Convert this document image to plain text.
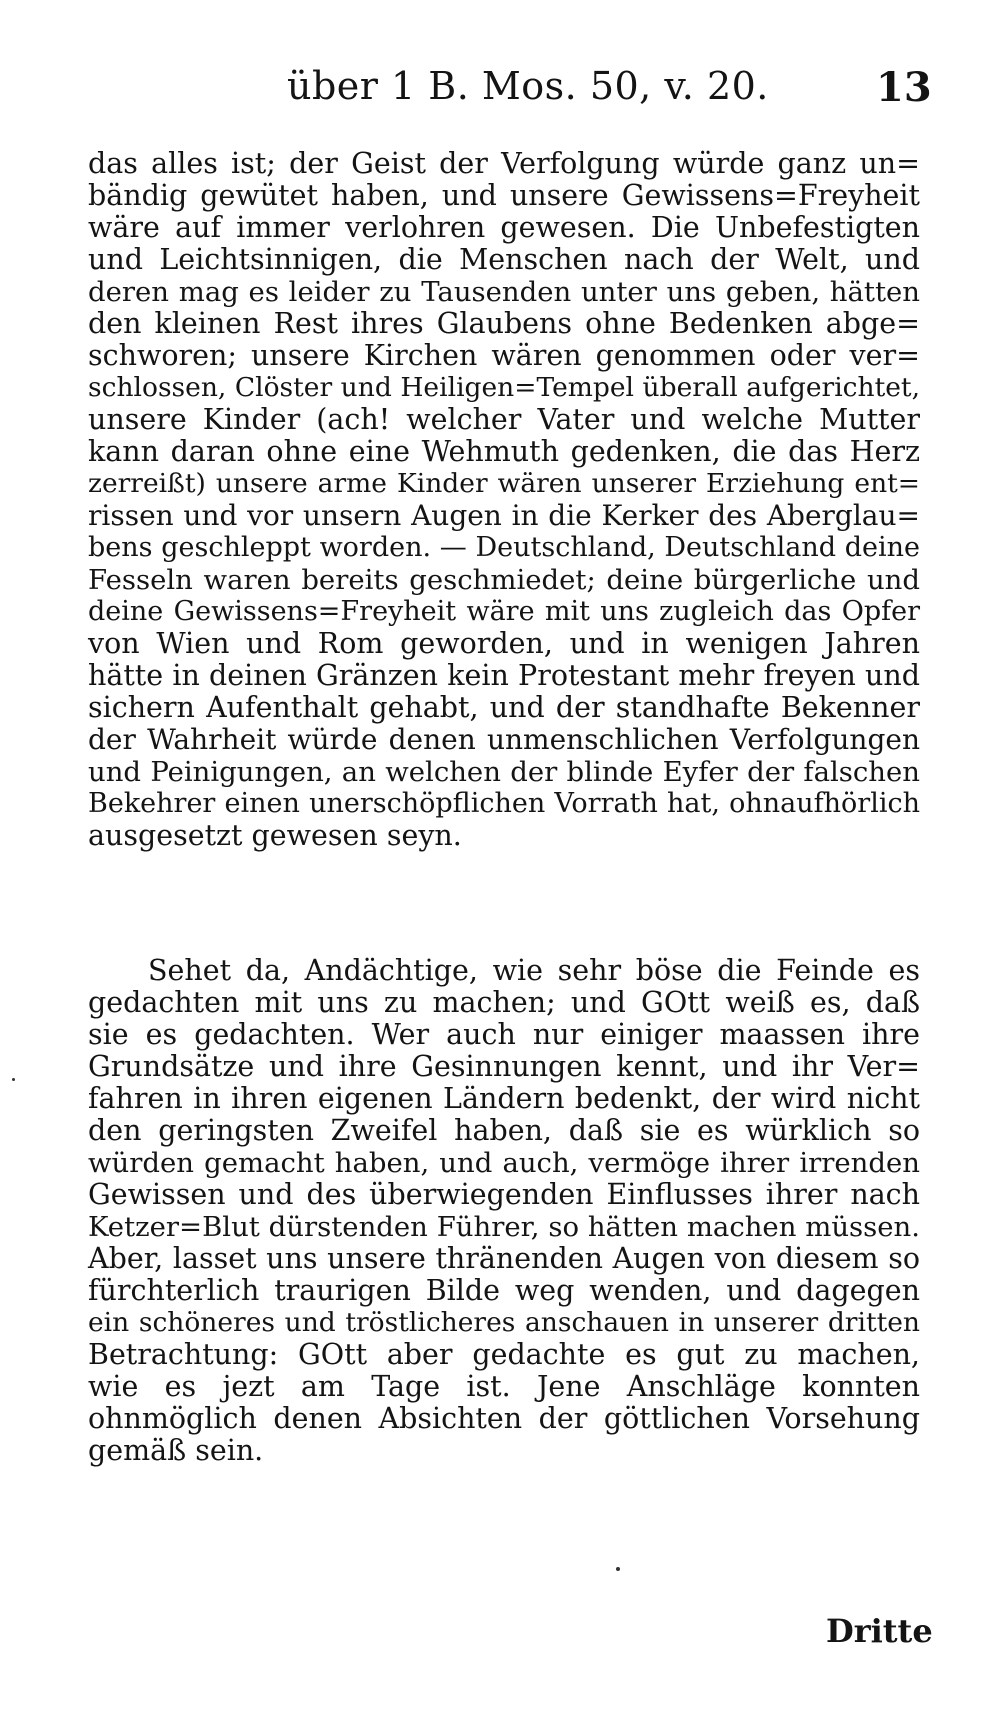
über 1 B. Mos. 50, v. 20.	13
das alles ist; der Geist der Verfolgung würde ganz un=
bändig gewütet haben, und unsere Gewissens=Freyheit
wäre auf immer verlohren gewesen. Die Unbefestigten
und Leichtsinnigen, die Menschen nach der Welt, und
deren mag es leider zu Tausenden unter uns geben, hätten
den kleinen Rest ihres Glaubens ohne Bedenken abge=
schworen; unsere Kirchen wären genommen oder ver=
schlossen, Clöster und Heiligen=Tempel überall aufgerichtet,
unsere Kinder (ach! welcher Vater und welche Mutter
kann daran ohne eine Wehmuth gedenken, die das Herz
zerreißt) unsere arme Kinder wären unserer Erziehung ent=
rissen und vor unsern Augen in die Kerker des Aberglau=
bens geschleppt worden. — Deutschland, Deutschland deine
Fesseln waren bereits geschmiedet; deine bürgerliche und
deine Gewissens=Freyheit wäre mit uns zugleich das Opfer
von Wien und Rom geworden, und in wenigen Jahren
hätte in deinen Gränzen kein Protestant mehr freyen und
sichern Aufenthalt gehabt, und der standhafte Bekenner
der Wahrheit würde denen unmenschlichen Verfolgungen
und Peinigungen, an welchen der blinde Eyfer der falschen
Bekehrer einen unerschöpflichen Vorrath hat, ohnaufhörlich
ausgesetzt gewesen seyn.
Sehet da, Andächtige, wie sehr böse die Feinde es
gedachten mit uns zu machen; und GOtt weiß es, daß
sie es gedachten. Wer auch nur einiger maassen ihre
Grundsätze und ihre Gesinnungen kennt, und ihr Ver=
fahren in ihren eigenen Ländern bedenkt, der wird nicht
den geringsten Zweifel haben, daß sie es würklich so
würden gemacht haben, und auch, vermöge ihrer irrenden
Gewissen und des überwiegenden Einflusses ihrer nach
Ketzer=Blut dürstenden Führer, so hätten machen müssen.
Aber, lasset uns unsere thränenden Augen von diesem so
fürchterlich traurigen Bilde weg wenden, und dagegen
ein schöneres und tröstlicheres anschauen in unserer dritten
Betrachtung: GOtt aber gedachte es gut zu machen,
wie es jezt am Tage ist. Jene Anschläge konnten
ohnmöglich denen Absichten der göttlichen Vorsehung
gemäß sein.
Dritte
